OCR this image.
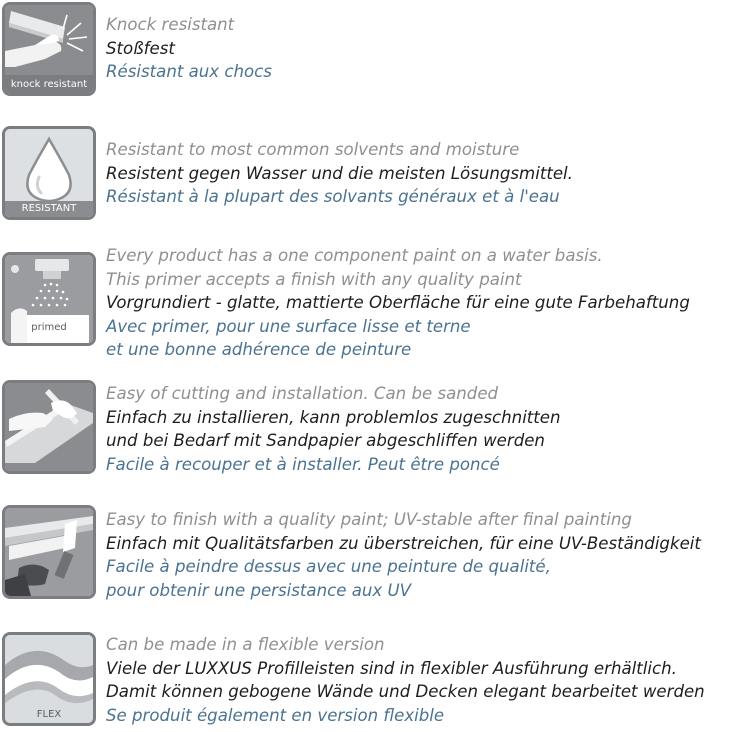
knock resistant
Knock resistant
Stoßfest
Résistant aux chocs
RESISTANT
Resistant to most common solvents and moisture
Resistent gegen Wasser und die meisten Lösungsmittel.
Résistant à la plupart des solvants généraux et à l'eau
primed
Every product has a one component paint on a water basis.
This primer accepts a finish with any quality paint
Vorgrundiert - glatte, mattierte Oberfläche für eine gute Farbehaftung
Avec primer, pour une surface lisse et terne
et une bonne adhérence de peinture
Easy of cutting and installation. Can be sanded
Einfach zu installieren, kann problemlos zugeschnitten
und bei Bedarf mit Sandpapier abgeschliffen werden
Facile à recouper et à installer. Peut être poncé
Easy to finish with a quality paint; UV-stable after final painting
Einfach mit Qualitätsfarben zu überstreichen, für eine UV-Beständigkeit
Facile à peindre dessus avec une peinture de qualité,
pour obtenir une persistance aux UV
FLEX
Can be made in a flexible version
Viele der LUXXUS Profilleisten sind in flexibler Ausführung erhältlich.
Damit können gebogene Wände und Decken elegant bearbeitet werden
Se produit également en version flexible
